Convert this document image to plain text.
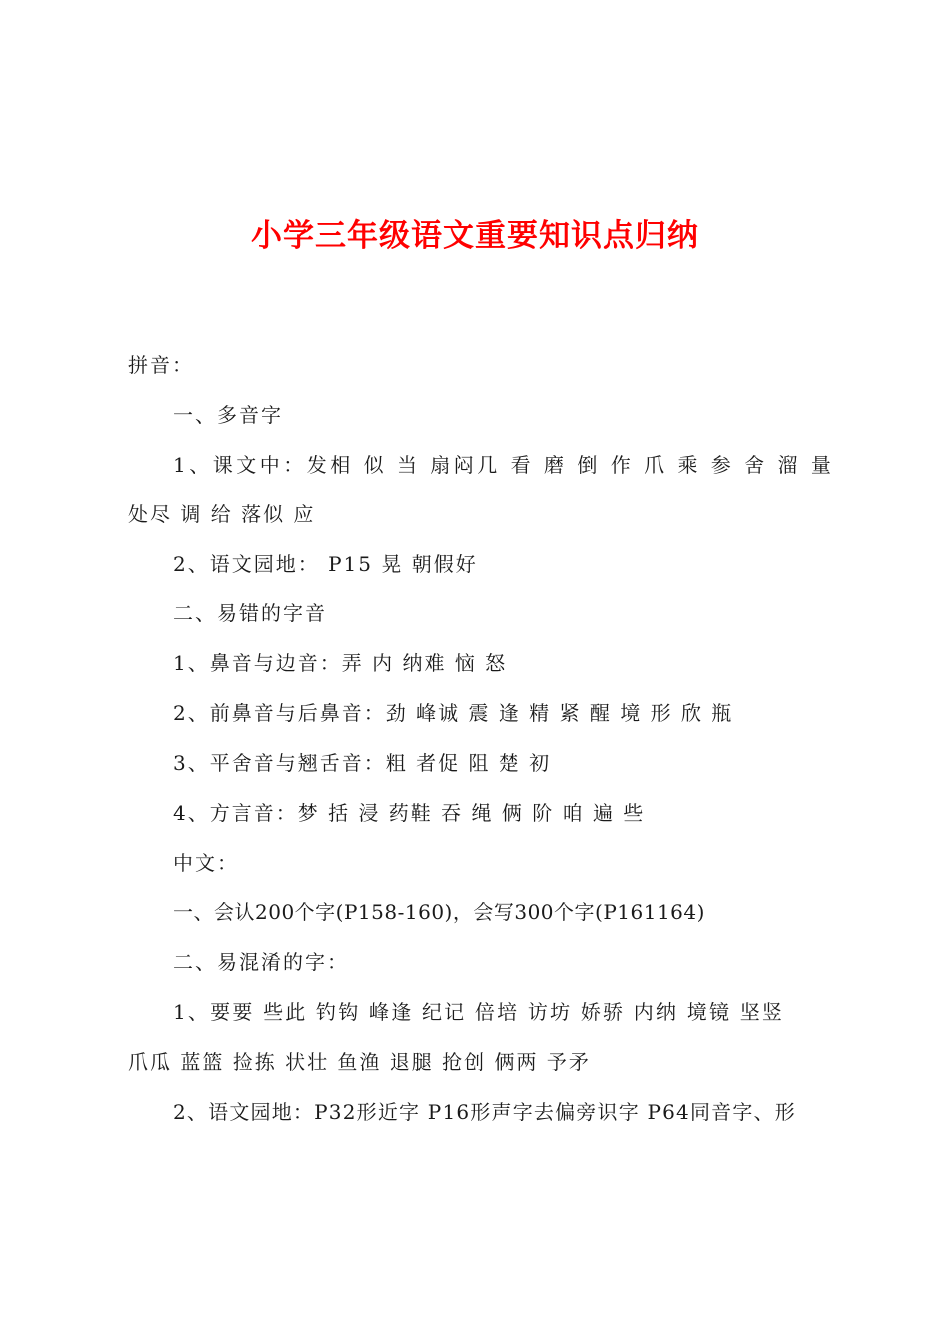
小学三年级语文重要知识点归纳
拼音：
一、多音字
1、课文中：发相 似 当 扇闷几 看 磨 倒 作 爪 乘 参 舍 溜 量
处尽 调 给 落似 应
2、语文园地： P15 晃 朝假好
二、易错的字音
1、鼻音与边音：弄 内 纳难 恼 怒
2、前鼻音与后鼻音：劲 峰诚 震 逢 精 紧 醒 境 形 欣 瓶
3、平舍音与翘舌音：粗 者促 阻 楚 初
4、方言音：梦 括 浸 药鞋 吞 绳 俩 阶 咱 遍 些
中文：
一、会认200个字(P158-160)，会写300个字(P161164)
二、易混淆的字：
1、要要 些此 钓钩 峰逢 纪记 倍培 访坊 娇骄 内纳 境镜 坚竖
爪瓜 蓝篮 捡拣 状壮 鱼渔 退腿 抢创 俩两 予矛
2、语文园地：P32形近字 P16形声字去偏旁识字 P64同音字、形
